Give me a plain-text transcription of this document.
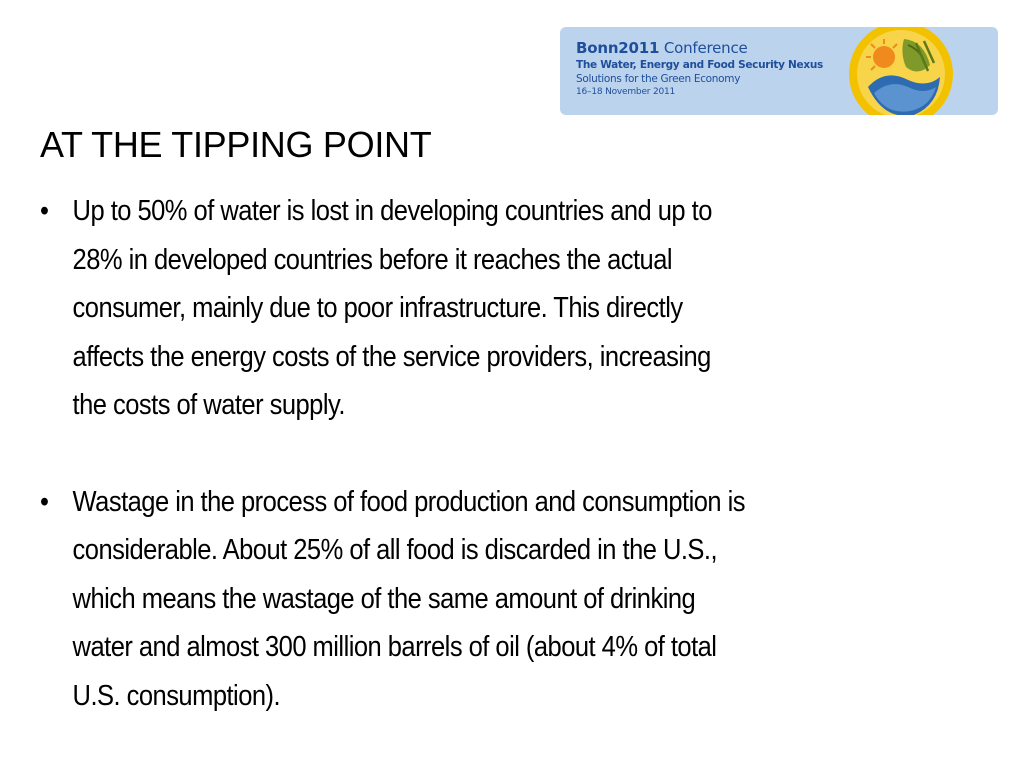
Bonn2011 Conference
The Water, Energy and Food Security Nexus
Solutions for the Green Economy
16–18 November 2011
AT THE TIPPING POINT
• Up to 50% of water is lost in developing countries and up to
28% in developed countries before it reaches the actual
consumer, mainly due to poor infrastructure. This directly
affects the energy costs of the service providers, increasing
the costs of water supply.
• Wastage in the process of food production and consumption is
considerable. About 25% of all food is discarded in the U.S.,
which means the wastage of the same amount of drinking
water and almost 300 million barrels of oil (about 4% of total
U.S. consumption).
